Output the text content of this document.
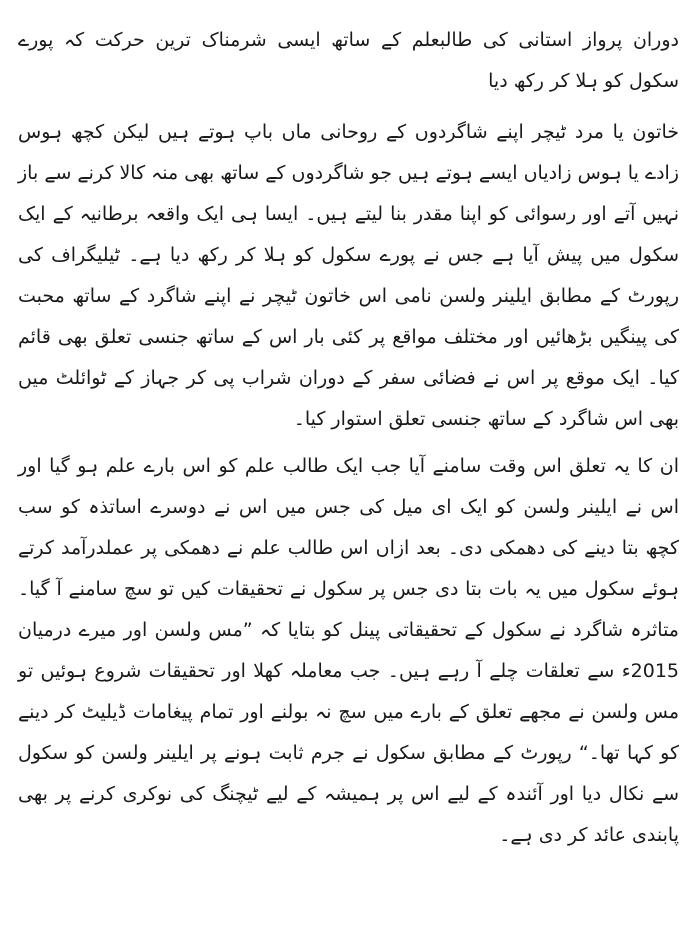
دوران پرواز استانی کی طالبعلم کے ساتھ ایسی شرمناک ترین حرکت کہ پورے سکول کو ہلا کر رکھ دیا

خاتون یا مرد ٹیچر اپنے شاگردوں کے روحانی ماں باپ ہوتے ہیں لیکن کچھ ہوس زادے یا ہوس زادیاں ایسے ہوتے ہیں جو شاگردوں کے ساتھ بھی منہ کالا کرنے سے باز نہیں آتے اور رسوائی کو اپنا مقدر بنا لیتے ہیں۔ ایسا ہی ایک واقعہ برطانیہ کے ایک سکول میں پیش آیا ہے جس نے پورے سکول کو ہلا کر رکھ دیا ہے۔ ٹیلیگراف کی رپورٹ کے مطابق ایلینر ولسن نامی اس خاتون ٹیچر نے اپنے شاگرد کے ساتھ محبت کی پینگیں بڑھائیں اور مختلف مواقع پر کئی بار اس کے ساتھ جنسی تعلق بھی قائم کیا۔ ایک موقع پر اس نے فضائی سفر کے دوران شراب پی کر جہاز کے ٹوائلٹ میں بھی اس شاگرد کے ساتھ جنسی تعلق استوار کیا۔

ان کا یہ تعلق اس وقت سامنے آیا جب ایک طالب علم کو اس بارے علم ہو گیا اور اس نے ایلینر ولسن کو ایک ای میل کی جس میں اس نے دوسرے اساتذہ کو سب کچھ بتا دینے کی دھمکی دی۔ بعد ازاں اس طالب علم نے دھمکی پر عملدرآمد کرتے ہوئے سکول میں یہ بات بتا دی جس پر سکول نے تحقیقات کیں تو سچ سامنے آ گیا۔ متاثرہ شاگرد نے سکول کے تحقیقاتی پینل کو بتایا کہ ”مس ولسن اور میرے درمیان 2015ء سے تعلقات چلے آ رہے ہیں۔ جب معاملہ کھلا اور تحقیقات شروع ہوئیں تو مس ولسن نے مجھے تعلق کے بارے میں سچ نہ بولنے اور تمام پیغامات ڈیلیٹ کر دینے کو کہا تھا۔“ رپورٹ کے مطابق سکول نے جرم ثابت ہونے پر ایلینر ولسن کو سکول سے نکال دیا اور آئندہ کے لیے اس پر ہمیشہ کے لیے ٹیچنگ کی نوکری کرنے پر بھی پابندی عائد کر دی ہے۔
